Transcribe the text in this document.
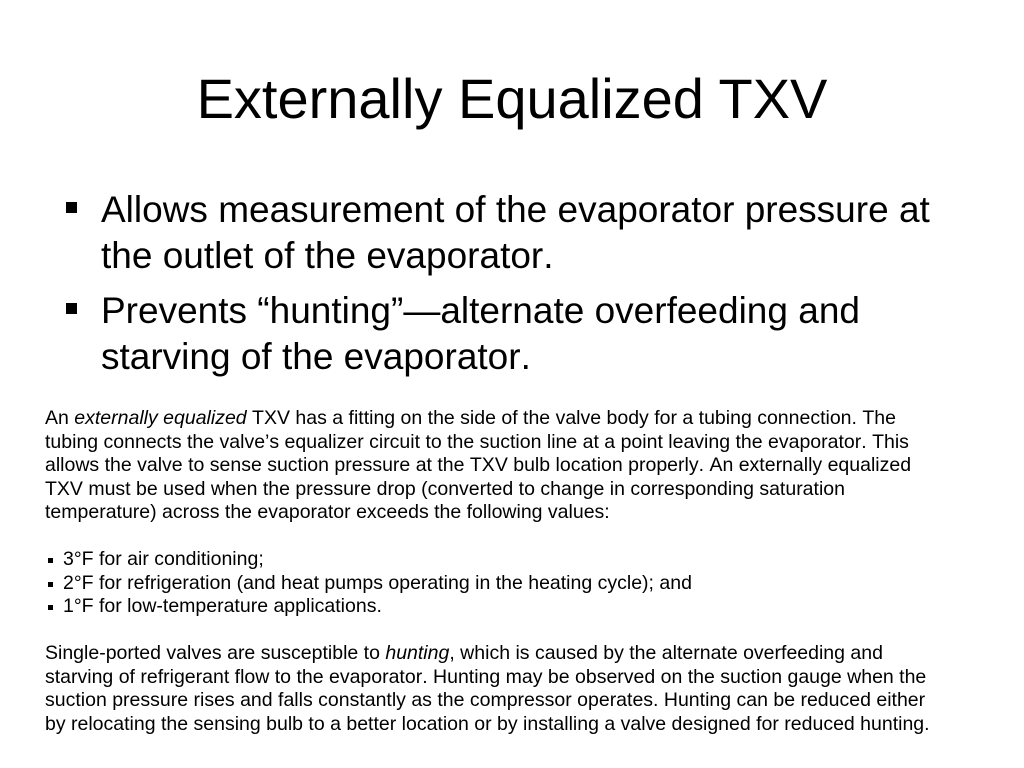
Externally Equalized TXV
Allows measurement of the evaporator pressure at the outlet of the evaporator.
Prevents “hunting”—alternate overfeeding and starving of the evaporator.
An externally equalized TXV has a fitting on the side of the valve body for a tubing connection. The
tubing connects the valve’s equalizer circuit to the suction line at a point leaving the evaporator. This
allows the valve to sense suction pressure at the TXV bulb location properly. An externally equalized
TXV must be used when the pressure drop (converted to change in corresponding saturation
temperature) across the evaporator exceeds the following values:
3°F for air conditioning;
2°F for refrigeration (and heat pumps operating in the heating cycle); and
1°F for low-temperature applications.
Single-ported valves are susceptible to hunting, which is caused by the alternate overfeeding and
starving of refrigerant flow to the evaporator. Hunting may be observed on the suction gauge when the
suction pressure rises and falls constantly as the compressor operates. Hunting can be reduced either
by relocating the sensing bulb to a better location or by installing a valve designed for reduced hunting.
